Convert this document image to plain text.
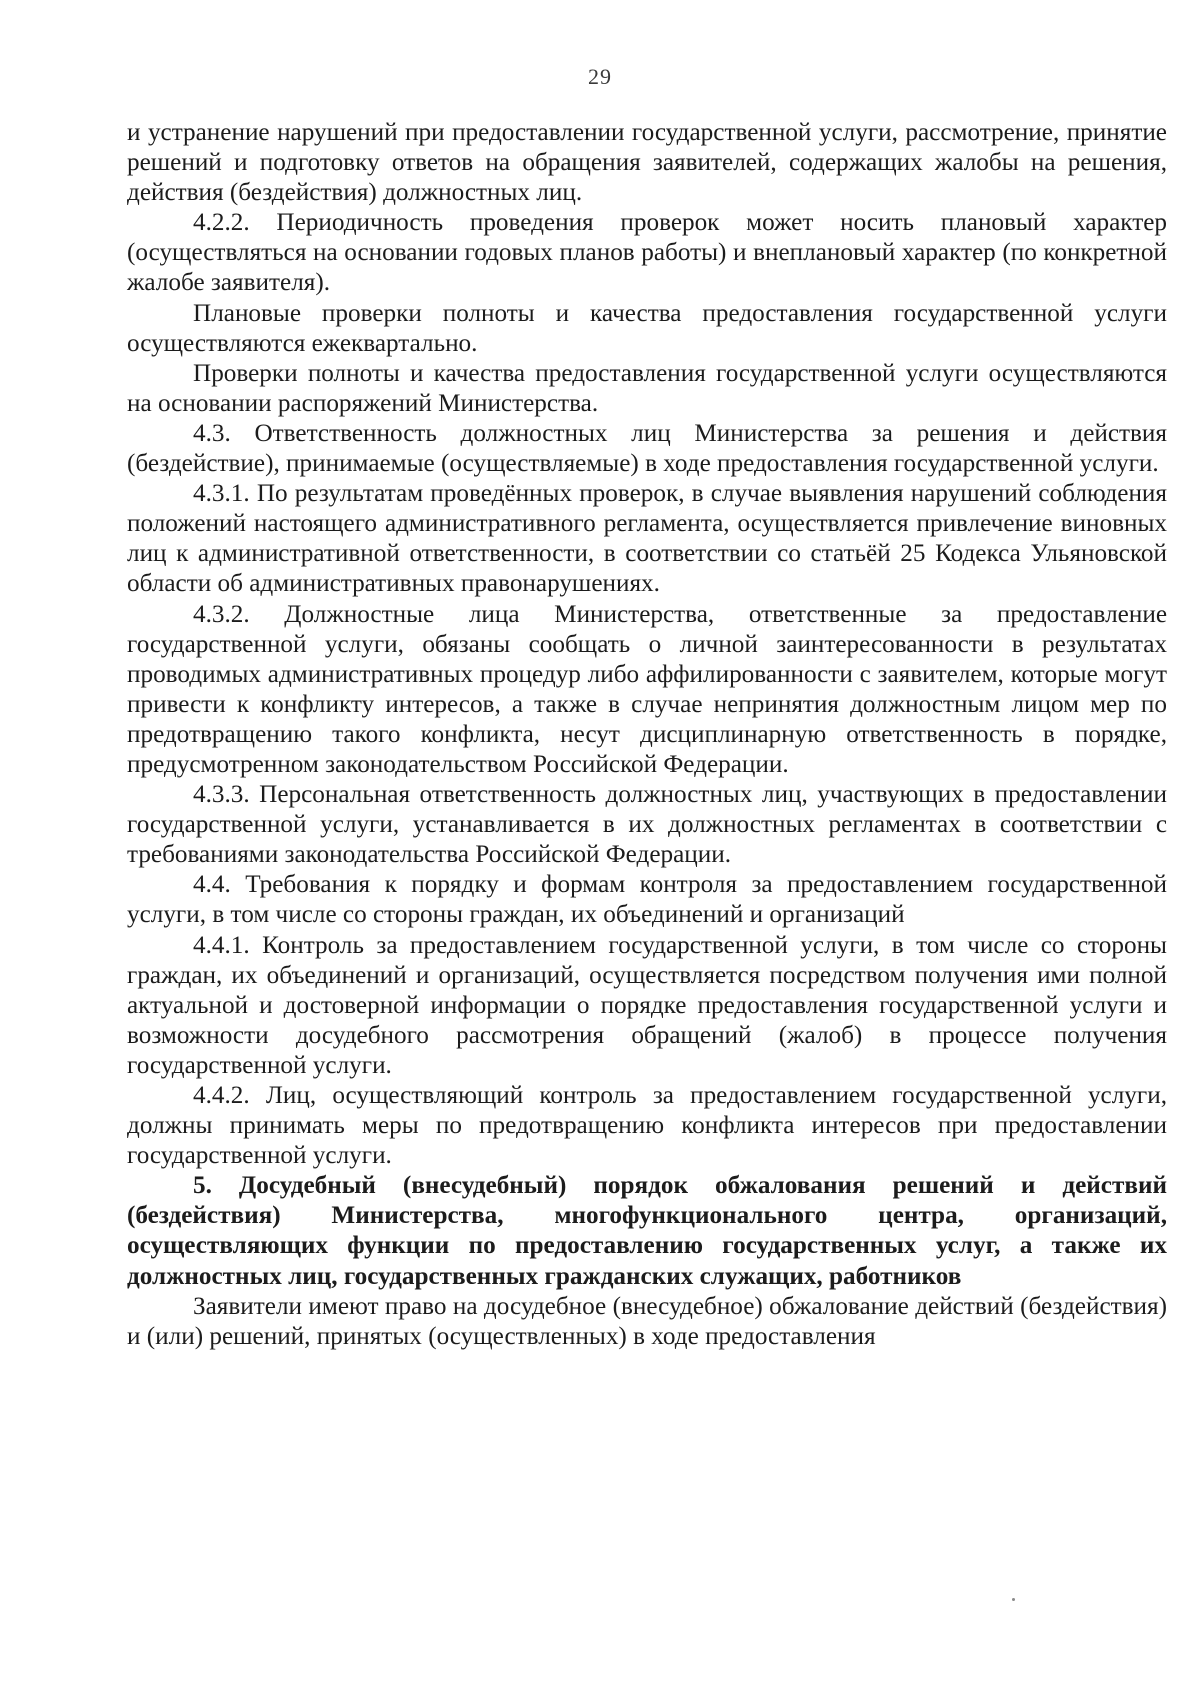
29

и устранение нарушений при предоставлении государственной услуги, рассмотрение, принятие решений и подготовку ответов на обращения заявителей, содержащих жалобы на решения, действия (бездействия) должностных лиц.

4.2.2. Периодичность проведения проверок может носить плановый характер (осуществляться на основании годовых планов работы) и внеплановый характер (по конкретной жалобе заявителя).

Плановые проверки полноты и качества предоставления государственной услуги осуществляются ежеквартально.

Проверки полноты и качества предоставления государственной услуги осуществляются на основании распоряжений Министерства.

4.3. Ответственность должностных лиц Министерства за решения и действия (бездействие), принимаемые (осуществляемые) в ходе предоставления государственной услуги.

4.3.1. По результатам проведённых проверок, в случае выявления нарушений соблюдения положений настоящего административного регламента, осуществляется привлечение виновных лиц к административной ответственности, в соответствии со статьёй 25 Кодекса Ульяновской области об административных правонарушениях.

4.3.2. Должностные лица Министерства, ответственные за предоставление государственной услуги, обязаны сообщать о личной заинтересованности в результатах проводимых административных процедур либо аффилированности с заявителем, которые могут привести к конфликту интересов, а также в случае непринятия должностным лицом мер по предотвращению такого конфликта, несут дисциплинарную ответственность в порядке, предусмотренном законодательством Российской Федерации.

4.3.3. Персональная ответственность должностных лиц, участвующих в предоставлении государственной услуги, устанавливается в их должностных регламентах в соответствии с требованиями законодательства Российской Федерации.

4.4. Требования к порядку и формам контроля за предоставлением государственной услуги, в том числе со стороны граждан, их объединений и организаций

4.4.1. Контроль за предоставлением государственной услуги, в том числе со стороны граждан, их объединений и организаций, осуществляется посредством получения ими полной актуальной и достоверной информации о порядке предоставления государственной услуги и возможности досудебного рассмотрения обращений (жалоб) в процессе получения государственной услуги.

4.4.2. Лиц, осуществляющий контроль за предоставлением государственной услуги, должны принимать меры по предотвращению конфликта интересов при предоставлении государственной услуги.

5. Досудебный (внесудебный) порядок обжалования решений и действий (бездействия) Министерства, многофункционального центра, организаций, осуществляющих функции по предоставлению государственных услуг, а также их должностных лиц, государственных гражданских служащих, работников

Заявители имеют право на досудебное (внесудебное) обжалование действий (бездействия) и (или) решений, принятых (осуществленных) в ходе предоставления
